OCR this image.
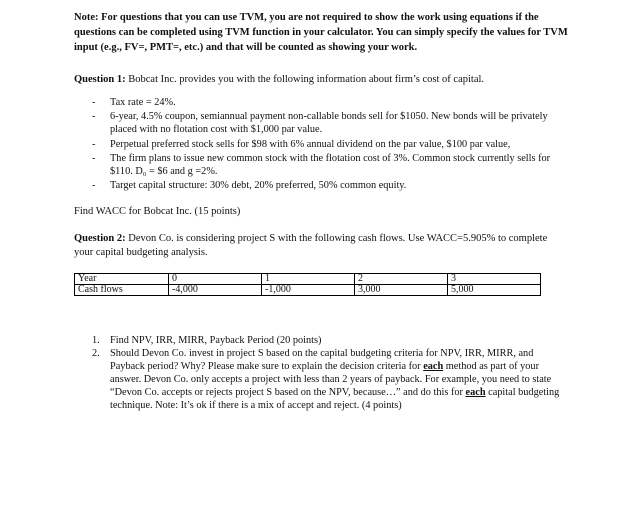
Note: For questions that you can use TVM, you are not required to show the work using equations if the questions can be completed using TVM function in your calculator. You can simply specify the values for TVM input (e.g., FV=, PMT=, etc.) and that will be counted as showing your work.
Question 1: Bobcat Inc. provides you with the following information about firm’s cost of capital.
- Tax rate = 24%.
- 6-year, 4.5% coupon, semiannual payment non-callable bonds sell for $1050. New bonds will be privately placed with no flotation cost with $1,000 par value.
- Perpetual preferred stock sells for $98 with 6% annual dividend on the par value, $100 par value,
- The firm plans to issue new common stock with the flotation cost of 3%. Common stock currently sells for $110. D₀ = $6 and g =2%.
- Target capital structure: 30% debt, 20% preferred, 50% common equity.
Find WACC for Bobcat Inc. (15 points)
Question 2: Devon Co. is considering project S with the following cash flows. Use WACC=5.905% to complete your capital budgeting analysis.
Year	0	1	2	3
Cash flows	-4,000	-1,000	3,000	5,000
1. Find NPV, IRR, MIRR, Payback Period (20 points)
2. Should Devon Co. invest in project S based on the capital budgeting criteria for NPV, IRR, MIRR, and Payback period? Why? Please make sure to explain the decision criteria for each method as part of your answer. Devon Co. only accepts a project with less than 2 years of payback. For example, you need to state “Devon Co. accepts or rejects project S based on the NPV, because…” and do this for each capital budgeting technique. Note: It’s ok if there is a mix of accept and reject. (4 points)
